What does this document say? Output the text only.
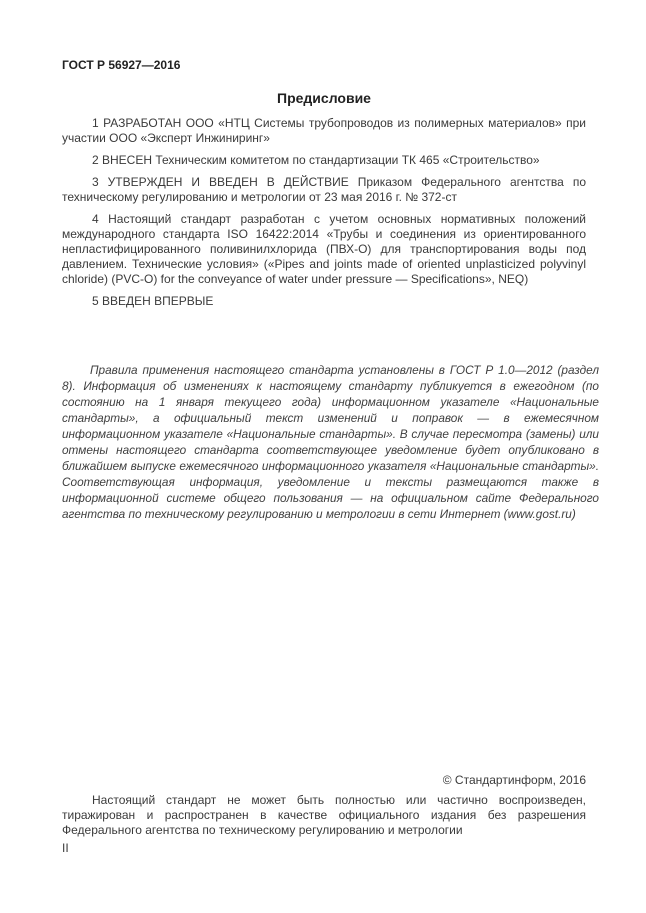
ГОСТ Р 56927—2016
Предисловие

1 РАЗРАБОТАН ООО «НТЦ Системы трубопроводов из полимерных материалов» при участии ООО «Эксперт Инжиниринг»

2 ВНЕСЕН Техническим комитетом по стандартизации ТК 465 «Строительство»

3 УТВЕРЖДЕН И ВВЕДЕН В ДЕЙСТВИЕ Приказом Федерального агентства по техническому регулированию и метрологии от 23 мая 2016 г. № 372-ст

4 Настоящий стандарт разработан с учетом основных нормативных положений международного стандарта ISO 16422:2014 «Трубы и соединения из ориентированного непластифицированного поливинилхлорида (ПВХ-О) для транспортирования воды под давлением. Технические условия» («Pipes and joints made of oriented unplasticized polyvinyl chloride) (PVC-O) for the conveyance of water under pressure — Specifications», NEQ)

5 ВВЕДЕН ВПЕРВЫЕ

Правила применения настоящего стандарта установлены в ГОСТ Р 1.0—2012 (раздел 8). Информация об изменениях к настоящему стандарту публикуется в ежегодном (по состоянию на 1 января текущего года) информационном указателе «Национальные стандарты», а официальный текст изменений и поправок — в ежемесячном информационном указателе «Национальные стандарты». В случае пересмотра (замены) или отмены настоящего стандарта соответствующее уведомление будет опубликовано в ближайшем выпуске ежемесячного информационного указателя «Национальные стандарты». Соответствующая информация, уведомление и тексты размещаются также в информационной системе общего пользования — на официальном сайте Федерального агентства по техническому регулированию и метрологии в сети Интернет (www.gost.ru)
© Стандартинформ, 2016
Настоящий стандарт не может быть полностью или частично воспроизведен, тиражирован и распространен в качестве официального издания без разрешения Федерального агентства по техническому регулированию и метрологии
II
